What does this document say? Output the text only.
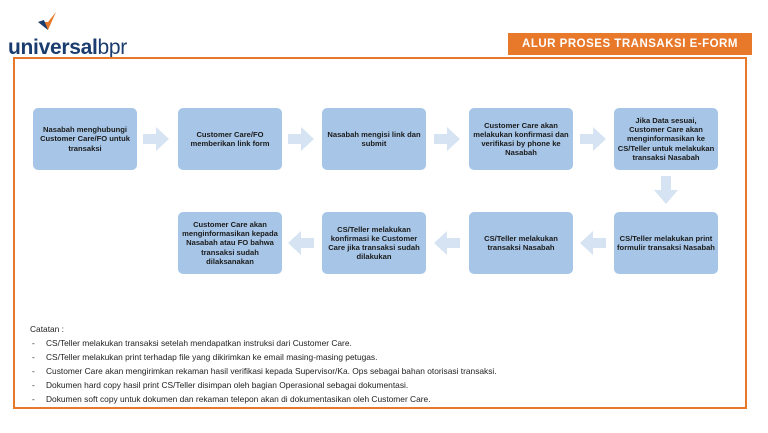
universalbpr	ALUR PROSES TRANSAKSI E-FORM
Nasabah menghubungi Customer Care/FO untuk transaksi
Customer Care/FO memberikan link form
Nasabah mengisi link dan submit
Customer Care akan melakukan konfirmasi dan verifikasi by phone ke Nasabah
Jika Data sesuai, Customer Care akan menginformasikan ke CS/Teller untuk melakukan transaksi Nasabah
CS/Teller melakukan print formulir transaksi Nasabah
CS/Teller melakukan transaksi Nasabah
CS/Teller melakukan konfirmasi ke Customer Care jika transaksi sudah dilakukan
Customer Care akan menginformasikan kepada Nasabah atau FO bahwa transaksi sudah dilaksanakan
Catatan :
- CS/Teller melakukan transaksi setelah mendapatkan instruksi dari Customer Care.
- CS/Teller melakukan print terhadap file yang dikirimkan ke email masing-masing petugas.
- Customer Care akan mengirimkan rekaman hasil verifikasi kepada Supervisor/Ka. Ops sebagai bahan otorisasi transaksi.
- Dokumen hard copy hasil print CS/Teller disimpan oleh bagian Operasional sebagai dokumentasi.
- Dokumen soft copy untuk dokumen dan rekaman telepon akan di dokumentasikan oleh Customer Care.
